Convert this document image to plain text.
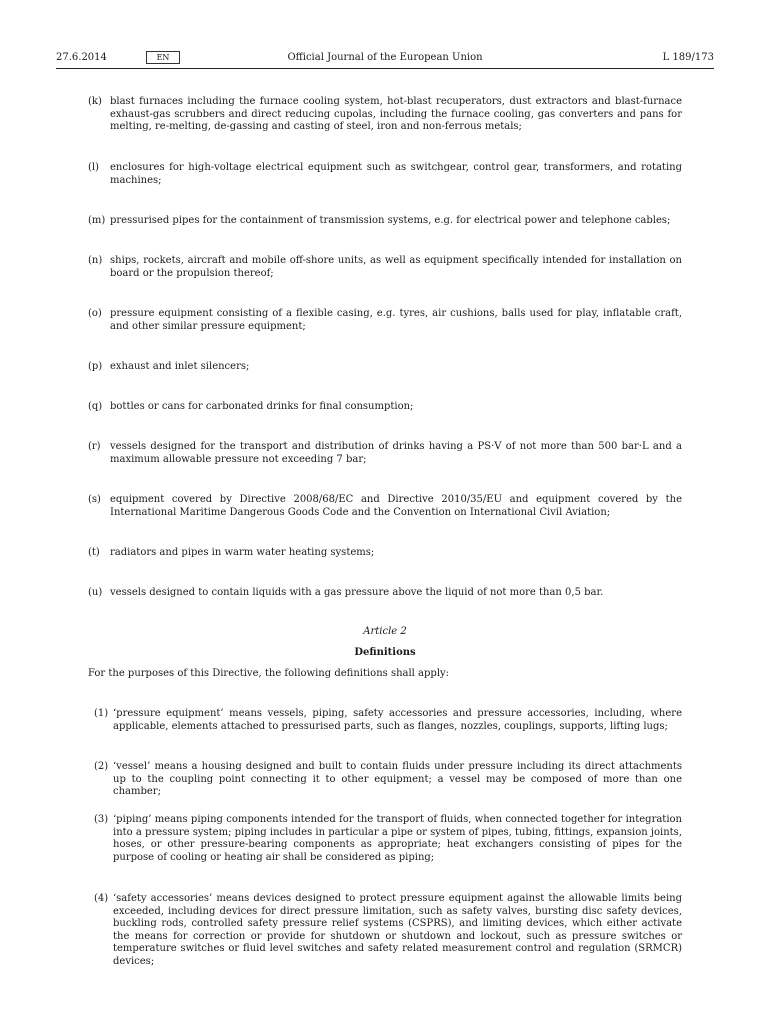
27.6.2014	EN	Official Journal of the European Union	L 189/173
(k) blast furnaces including the furnace cooling system, hot-blast recuperators, dust extractors and blast-furnace exhaust-gas scrubbers and direct reducing cupolas, including the furnace cooling, gas converters and pans for melting, re-melting, de-gassing and casting of steel, iron and non-ferrous metals;
(l) enclosures for high-voltage electrical equipment such as switchgear, control gear, transformers, and rotating machines;
(m) pressurised pipes for the containment of transmission systems, e.g. for electrical power and telephone cables;
(n) ships, rockets, aircraft and mobile off-shore units, as well as equipment specifically intended for installation on board or the propulsion thereof;
(o) pressure equipment consisting of a flexible casing, e.g. tyres, air cushions, balls used for play, inflatable craft, and other similar pressure equipment;
(p) exhaust and inlet silencers;
(q) bottles or cans for carbonated drinks for final consumption;
(r) vessels designed for the transport and distribution of drinks having a PS·V of not more than 500 bar·L and a maximum allowable pressure not exceeding 7 bar;
(s) equipment covered by Directive 2008/68/EC and Directive 2010/35/EU and equipment covered by the International Maritime Dangerous Goods Code and the Convention on International Civil Aviation;
(t) radiators and pipes in warm water heating systems;
(u) vessels designed to contain liquids with a gas pressure above the liquid of not more than 0,5 bar.
Article 2
Definitions
For the purposes of this Directive, the following definitions shall apply:
(1) ‘pressure equipment’ means vessels, piping, safety accessories and pressure accessories, including, where applicable, elements attached to pressurised parts, such as flanges, nozzles, couplings, supports, lifting lugs;
(2) ‘vessel’ means a housing designed and built to contain fluids under pressure including its direct attachments up to the coupling point connecting it to other equipment; a vessel may be composed of more than one chamber;
(3) ‘piping’ means piping components intended for the transport of fluids, when connected together for integration into a pressure system; piping includes in particular a pipe or system of pipes, tubing, fittings, expansion joints, hoses, or other pressure-bearing components as appropriate; heat exchangers consisting of pipes for the purpose of cooling or heating air shall be considered as piping;
(4) ‘safety accessories’ means devices designed to protect pressure equipment against the allowable limits being exceeded, including devices for direct pressure limitation, such as safety valves, bursting disc safety devices, buckling rods, controlled safety pressure relief systems (CSPRS), and limiting devices, which either activate the means for correction or provide for shutdown or shutdown and lockout, such as pressure switches or temperature switches or fluid level switches and safety related measurement control and regulation (SRMCR) devices;
